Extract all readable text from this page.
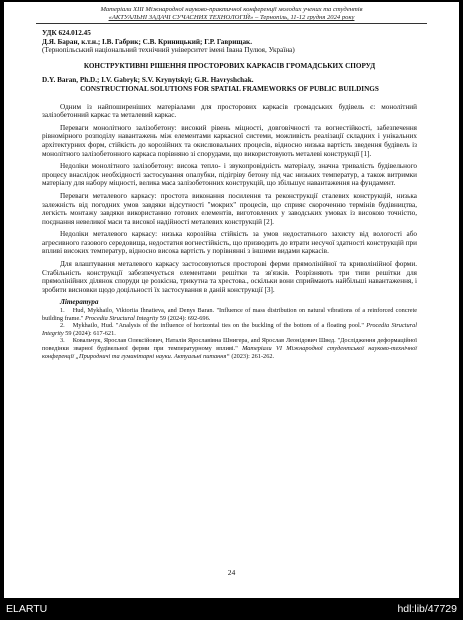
Матеріали XIII Міжнародної науково-практичної конференції молодих учених та студентів
«АКТУАЛЬНІ ЗАДАЧІ СУЧАСНИХ ТЕХНОЛОГІЙ» – Тернопіль, 11-12 грудня 2024 року
УДК 624.012.45
Д.Я. Баран, к.т.н.; І.В. Габрик; С.В. Криницький; Г.Р. Гаврищак.
(Тернопільський національний технічний університет імені Івана Пулюя, Україна)
КОНСТРУКТИВНІ РІШЕННЯ ПРОСТОРОВИХ КАРКАСІВ ГРОМАДСЬКИХ СПОРУД
D.Y. Baran, Ph.D.; I.V. Gabryk; S.V. Krynytskyi; G.R. Havryshchak.
CONSTRUCTIONAL SOLUTIONS FOR SPATIAL FRAMEWORKS OF PUBLIC BUILDINGS

Одним із найпоширеніших матеріалами для просторових каркасів громадських будівель є: монолітний залізобетонний каркас та металевий каркас.

Переваги монолітного залізобетону: високий рівень міцності, довговічності та вогнестійкості, забезпечення рівномірного розподілу навантажень між елементами каркасної системи, можливість реалізації складних і унікальних архітектурних форм, стійкість до корозійних та окислювальних процесів, відносно низька вартість зведення будівель із монолітного залізобетонного каркаса порівняно зі спорудами, що використовують металеві конструкції [1].

Недоліки монолітного залізобетону: висока тепло- і звукопровідність матеріалу, значна тривалість будівельного процесу внаслідок необхідності застосування опалубки, підігріву бетону під час низьких температур, а також витримки матеріалу для набору міцності, велика маса залізобетонних конструкцій, що збільшує навантаження на фундамент.

Переваги металевого каркасу: простота виконання посилення та реконструкції сталевих конструкцій, низька залежність від погодних умов завдяки відсутності "мокрих" процесів, що сприяє скороченню термінів будівництва, легкість монтажу завдяки використанню готових елементів, виготовлених у заводських умовах із високою точністю, поєднання невеликої маси та високої надійності металевих конструкцій [2].

Недоліки металевого каркасу: низька корозійна стійкість за умов недостатнього захисту від вологості або агресивного газового середовища, недостатня вогнестійкість, що призводить до втрати несучої здатності конструкцій при впливі високих температур, відносно висока вартість у порівнянні з іншими видами каркасів.

Для влаштування металевого каркасу застосовуються просторові ферми прямолінійної та криволінійної форми. Стабільність конструкції забезпечується елементами решітки та зв'язків. Розрізняють три типи решітки для прямолінійних ділянок споруди це розкісна, трикутна та хрестова., оскільки вони сприймають найбільші навантаження, і зробити висновки щодо доцільності їх застосування в даній конструкції [3].

Література

1. Hud, Mykhailo, Viktoriia Ihnatieva, and Denys Baran. "Influence of mass distribution on natural vibrations of a reinforced concrete building frame." Procedia Structural Integrity 59 (2024): 692-696.

2. Mykhailo, Hud. "Analysis of the influence of horizontal ties on the buckling of the bottom of a floating pool." Procedia Structural Integrity 59 (2024): 617-621.

3. Ковальчук, Ярослав Олексійович, Наталія Ярославівна Шнигера, and Ярослав Леонідович Швед. "Дослідження деформаційної поведінки зварної будівельної ферми при температурному впливі." Матеріали VI Міжнародної студентської науково-технічної конференції „Природничі та гуманітарні науки. Актуальні питання“ (2023): 261-262.

24
ELARTU	hdl:lib/47729
